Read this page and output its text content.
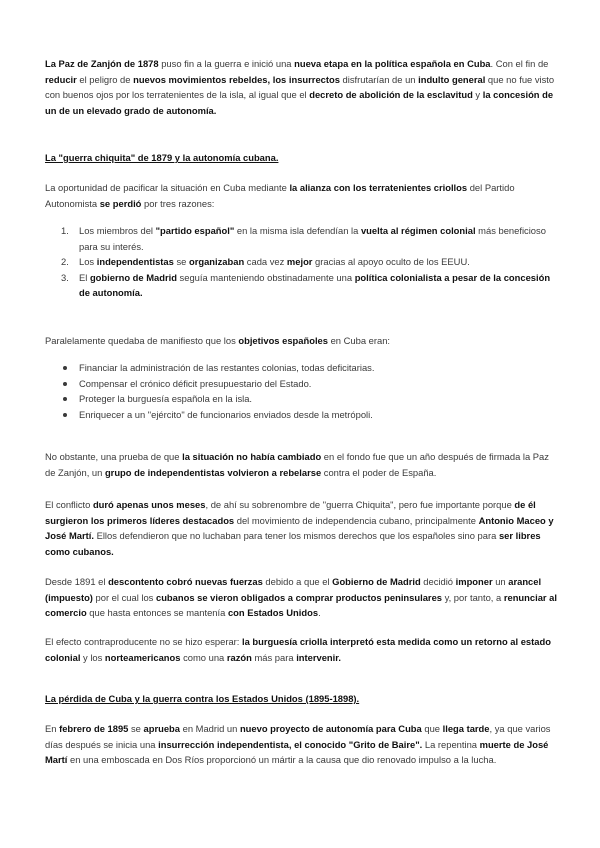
La Paz de Zanjón de 1878 puso fin a la guerra e inició una nueva etapa en la política española en Cuba. Con el fin de reducir el peligro de nuevos movimientos rebeldes, los insurrectos disfrutarían de un indulto general que no fue visto con buenos ojos por los terratenientes de la isla, al igual que el decreto de abolición de la esclavitud y la concesión de un de un elevado grado de autonomía.

La "guerra chiquita" de 1879 y la autonomía cubana.

La oportunidad de pacificar la situación en Cuba mediante la alianza con los terratenientes criollos del Partido Autonomista se perdió por tres razones:

1. Los miembros del "partido español" en la misma isla defendían la vuelta al régimen colonial más beneficioso para su interés.
2. Los independentistas se organizaban cada vez mejor gracias al apoyo oculto de los EEUU.
3. El gobierno de Madrid seguía manteniendo obstinadamente una política colonialista a pesar de la concesión de autonomía.

Paralelamente quedaba de manifiesto que los objetivos españoles en Cuba eran:

Financiar la administración de las restantes colonias, todas deficitarias.
Compensar el crónico déficit presupuestario del Estado.
Proteger la burguesía española en la isla.
Enriquecer a un "ejército" de funcionarios enviados desde la metrópoli.

No obstante, una prueba de que la situación no había cambiado en el fondo fue que un año después de firmada la Paz de Zanjón, un grupo de independentistas volvieron a rebelarse contra el poder de España.

El conflicto duró apenas unos meses, de ahí su sobrenombre de "guerra Chiquita", pero fue importante porque de él surgieron los primeros líderes destacados del movimiento de independencia cubano, principalmente Antonio Maceo y José Martí. Ellos defendieron que no luchaban para tener los mismos derechos que los españoles sino para ser libres como cubanos.

Desde 1891 el descontento cobró nuevas fuerzas debido a que el Gobierno de Madrid decidió imponer un arancel (impuesto) por el cual los cubanos se vieron obligados a comprar productos peninsulares y, por tanto, a renunciar al comercio que hasta entonces se mantenía con Estados Unidos.

El efecto contraproducente no se hizo esperar: la burguesía criolla interpretó esta medida como un retorno al estado colonial y los norteamericanos como una razón más para intervenir.

La pérdida de Cuba y la guerra contra los Estados Unidos (1895-1898).

En febrero de 1895 se aprueba en Madrid un nuevo proyecto de autonomía para Cuba que llega tarde, ya que varios días después se inicia una insurrección independentista, el conocido "Grito de Baire". La repentina muerte de José Martí en una emboscada en Dos Ríos proporcionó un mártir a la causa que dio renovado impulso a la lucha.
